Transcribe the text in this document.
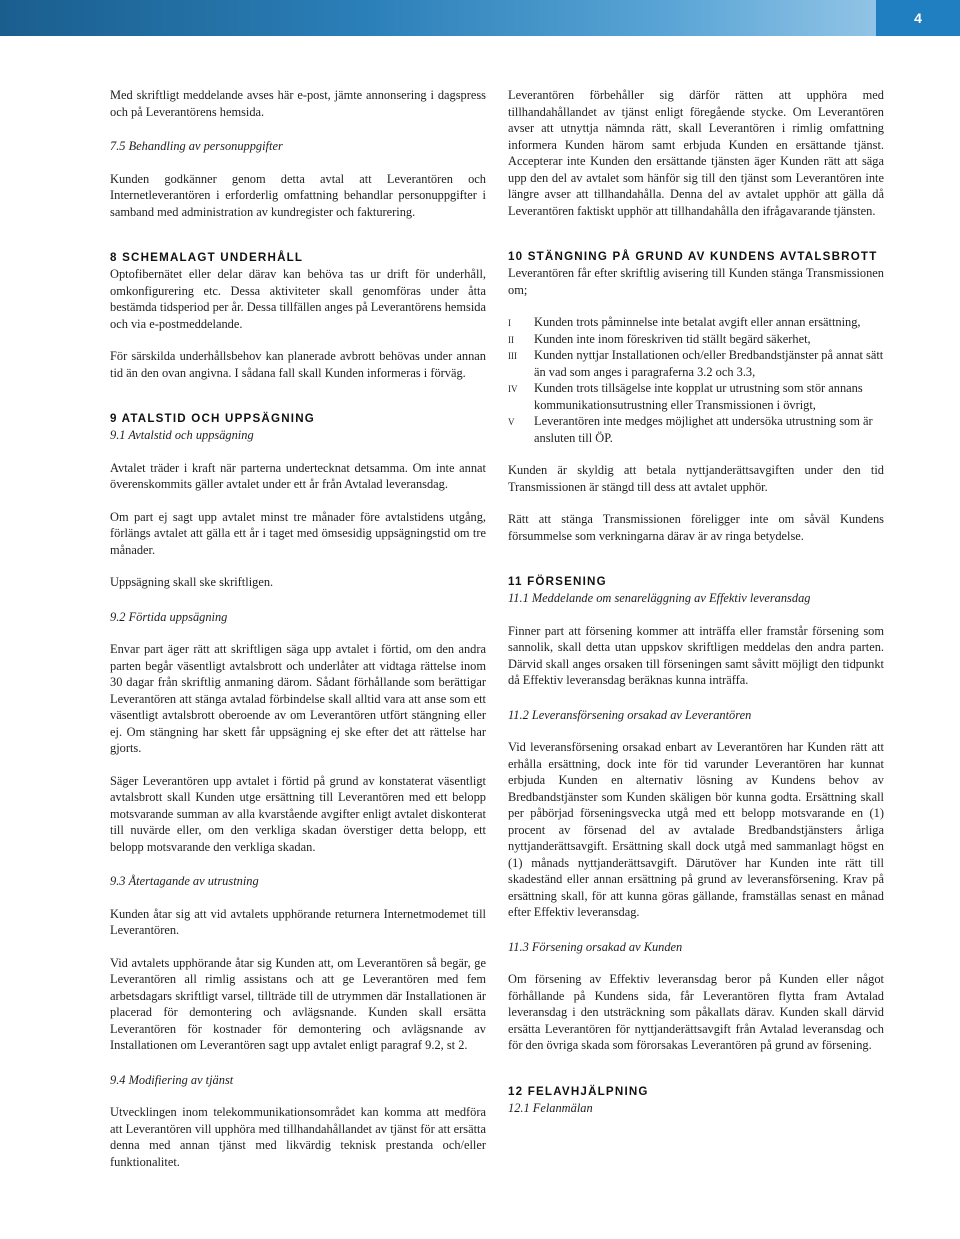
4

Med skriftligt meddelande avses här e-post, jämte annonsering i dagspress och på Leverantörens hemsida.

7.5 Behandling av personuppgifter

Kunden godkänner genom detta avtal att Leverantören och Internetleverantören i erforderlig omfattning behandlar personuppgifter i samband med administration av kundregister och fakturering.

8 SCHEMALAGT UNDERHÅLL

Optofibernätet eller delar därav kan behöva tas ur drift för underhåll, omkonfigurering etc. Dessa aktiviteter skall genomföras under åtta bestämda tidsperiod per år. Dessa tillfällen anges på Leverantörens hemsida och via e-postmeddelande.

För särskilda underhållsbehov kan planerade avbrott behövas under annan tid än den ovan angivna. I sådana fall skall Kunden informeras i förväg.

9 ATALSTID OCH UPPSÄGNING

9.1 Avtalstid och uppsägning

Avtalet träder i kraft när parterna undertecknat detsamma. Om inte annat överenskommits gäller avtalet under ett år från Avtalad leveransdag.

Om part ej sagt upp avtalet minst tre månader före avtalstidens utgång, förlängs avtalet att gälla ett år i taget med ömsesidig uppsägningstid om tre månader.

Uppsägning skall ske skriftligen.

9.2 Förtida uppsägning

Envar part äger rätt att skriftligen säga upp avtalet i förtid, om den andra parten begår väsentligt avtalsbrott och underlåter att vidtaga rättelse inom 30 dagar från skriftlig anmaning därom. Sådant förhållande som berättigar Leverantören att stänga avtalad förbindelse skall alltid vara att anse som ett väsentligt avtalsbrott oberoende av om Leverantören utfört stängning eller ej. Om stängning har skett får uppsägning ej ske efter det att rättelse har gjorts.

Säger Leverantören upp avtalet i förtid på grund av konstaterat väsentligt avtalsbrott skall Kunden utge ersättning till Leverantören med ett belopp motsvarande summan av alla kvarstående avgifter enligt avtalet diskonterat till nuvärde eller, om den verkliga skadan överstiger detta belopp, ett belopp motsvarande den verkliga skadan.

9.3 Återtagande av utrustning

Kunden åtar sig att vid avtalets upphörande returnera Internetmodemet till Leverantören.

Vid avtalets upphörande åtar sig Kunden att, om Leverantören så begär, ge Leverantören all rimlig assistans och att ge Leverantören med fem arbetsdagars skriftligt varsel, tillträde till de utrymmen där Installationen är placerad för demontering och avlägsnande. Kunden skall ersätta Leverantören för kostnader för demontering och avlägsnande av Installationen om Leverantören sagt upp avtalet enligt paragraf 9.2, st 2.

9.4 Modifiering av tjänst

Utvecklingen inom telekommunikationsområdet kan komma att medföra att Leverantören vill upphöra med tillhandahållandet av tjänst för att ersätta denna med annan tjänst med likvärdig teknisk prestanda och/eller funktionalitet.

Leverantören förbehåller sig därför rätten att upphöra med tillhandahållandet av tjänst enligt föregående stycke. Om Leverantören avser att utnyttja nämnda rätt, skall Leverantören i rimlig omfattning informera Kunden härom samt erbjuda Kunden en ersättande tjänst. Accepterar inte Kunden den ersättande tjänsten äger Kunden rätt att säga upp den del av avtalet som hänför sig till den tjänst som Leverantören inte längre avser att tillhandahålla. Denna del av avtalet upphör att gälla då Leverantören faktiskt upphör att tillhandahålla den ifrågavarande tjänsten.

10 STÄNGNING PÅ GRUND AV KUNDENS AVTALSBROTT

Leverantören får efter skriftlig avisering till Kunden stänga Transmissionen om;

i	Kunden trots påminnelse inte betalat avgift eller annan ersättning,
ii	Kunden inte inom föreskriven tid ställt begärd säkerhet,
iii	Kunden nyttjar Installationen och/eller Bredbandstjänster på annat sätt än vad som anges i paragraferna 3.2 och 3.3,
iv	Kunden trots tillsägelse inte kopplat ur utrustning som stör annans kommunikationsutrustning eller Transmissionen i övrigt,
v	Leverantören inte medges möjlighet att undersöka utrustning som är ansluten till ÖP.

Kunden är skyldig att betala nyttjanderättsavgiften under den tid Transmissionen är stängd till dess att avtalet upphör.

Rätt att stänga Transmissionen föreligger inte om såväl Kundens försummelse som verkningarna därav är av ringa betydelse.

11 FÖRSENING

11.1 Meddelande om senareläggning av Effektiv leveransdag

Finner part att försening kommer att inträffa eller framstår försening som sannolik, skall detta utan uppskov skriftligen meddelas den andra parten. Därvid skall anges orsaken till förseningen samt såvitt möjligt den tidpunkt då Effektiv leveransdag beräknas kunna inträffa.

11.2 Leveransförsening orsakad av Leverantören

Vid leveransförsening orsakad enbart av Leverantören har Kunden rätt att erhålla ersättning, dock inte för tid varunder Leverantören har kunnat erbjuda Kunden en alternativ lösning av Kundens behov av Bredbandstjänster som Kunden skäligen bör kunna godta. Ersättning skall per påbörjad förseningsvecka utgå med ett belopp motsvarande en (1) procent av försenad del av avtalade Bredbandstjänsters årliga nyttjanderättsavgift. Ersättning skall dock utgå med sammanlagt högst en (1) månads nyttjanderättsavgift. Därutöver har Kunden inte rätt till skadeständ eller annan ersättning på grund av leveransförsening. Krav på ersättning skall, för att kunna göras gällande, framställas senast en månad efter Effektiv leveransdag.

11.3 Försening orsakad av Kunden

Om försening av Effektiv leveransdag beror på Kunden eller något förhållande på Kundens sida, får Leverantören flytta fram Avtalad leveransdag i den utsträckning som påkallats därav. Kunden skall därvid ersätta Leverantören för nyttjanderättsavgift från Avtalad leveransdag och för den övriga skada som förorsakas Leverantören på grund av försening.

12 FELAVHJÄLPNING

12.1 Felanmälan
